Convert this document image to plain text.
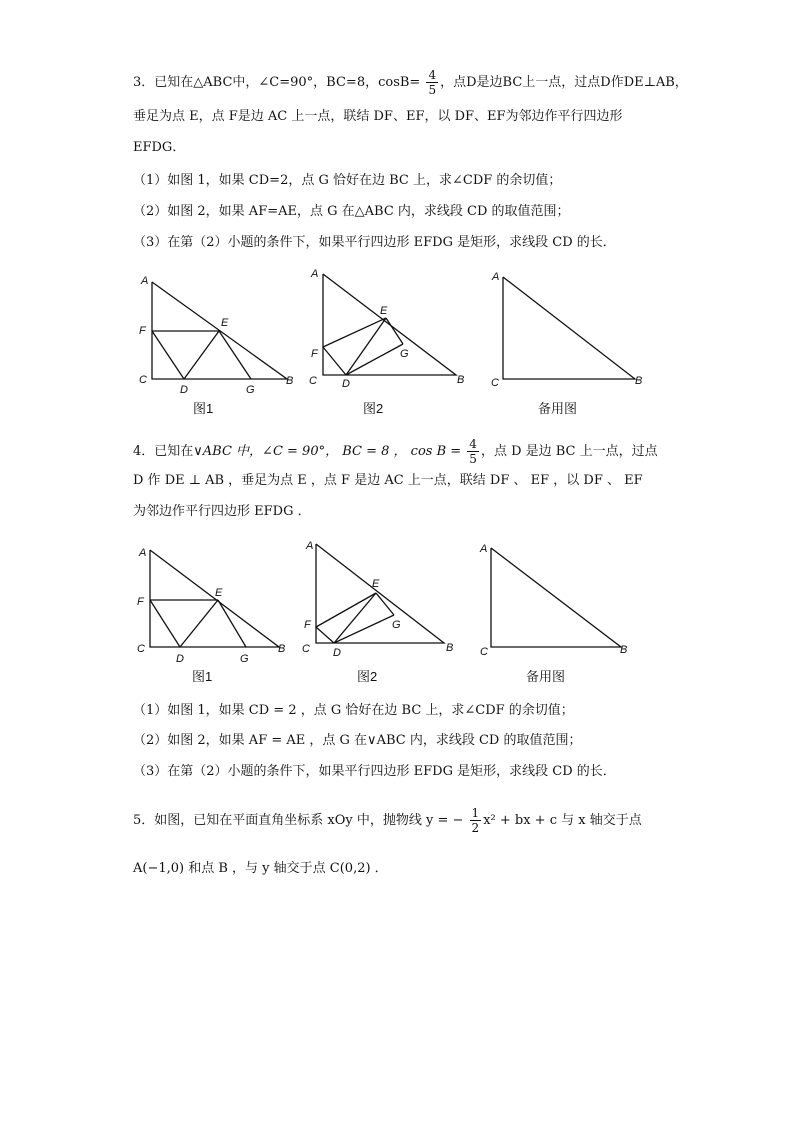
3．已知在△ABC中，∠C=90°，BC=8，$\cos B= \frac{4}{5}$ ，点D是边BC上一点，过点D作DE⊥AB，
垂足为点 E，点 F是边 AC 上一点，联结 DF、EF，以 DF、EF为邻边作平行四边形
EFDG．
（1）如图 1，如果 CD=2，点 G 恰好在边 BC 上，求∠CDF 的余切值；
（2）如图 2，如果 AF=AE，点 G 在△ABC 内，求线段 CD 的取值范围；
（3）在第（2）小题的条件下，如果平行四边形 EFDG 是矩形，求线段 CD 的长．
A
F
E
C
D	G
B
图1
A
E
F	G
C D	B
图2
A
C	B
备用图
4．已知在∨ABC 中，∠C = 90°， BC = 8 ， $\cos B = \frac{4}{5}$ ，点 D 是边 BC 上一点，过点
D 作 DE ⊥ AB ，垂足为点 E ，点 F 是边 AC 上一点，联结 DF 、 EF ，以 DF 、 EF
为邻边作平行四边形 EFDG ．
A
F
E
C
D	G
B
图1
A
E
F	G
C D	B
图2
A
C	B
备用图
（1）如图 1，如果 CD = 2 ，点 G 恰好在边 BC 上，求∠CDF 的余切值；
（2）如图 2，如果 AF = AE ，点 G 在∨ABC 内，求线段 CD 的取值范围；
（3）在第（2）小题的条件下，如果平行四边形 EFDG 是矩形，求线段 CD 的长．
5．如图，已知在平面直角坐标系 xOy 中，抛物线 y = − $\frac{1}{2} x^2$ + bx + c 与 x 轴交于点
A(−1,0) 和点 B ，与 y 轴交于点 C(0,2) ．
